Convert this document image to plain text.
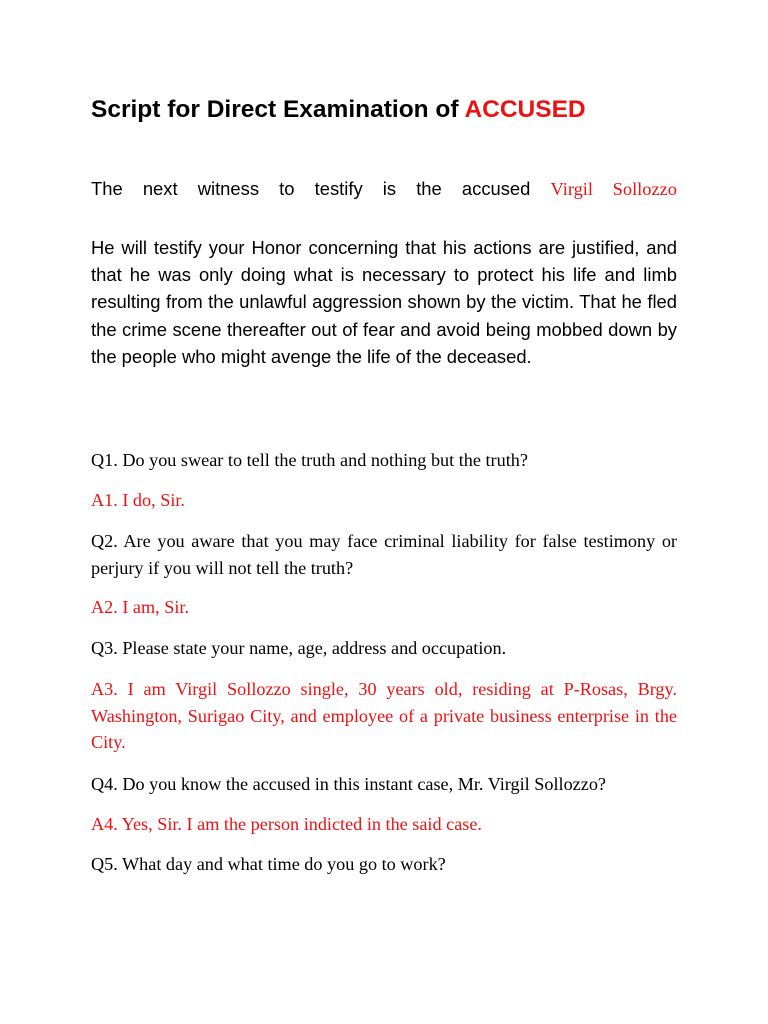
Script for Direct Examination of ACCUSED

The next witness to testify is the accused Virgil Sollozzo

He will testify your Honor concerning that his actions are justified, and that he was only doing what is necessary to protect his life and limb resulting from the unlawful aggression shown by the victim. That he fled the crime scene thereafter out of fear and avoid being mobbed down by the people who might avenge the life of the deceased.

Q1. Do you swear to tell the truth and nothing but the truth?

A1. I do, Sir.

Q2. Are you aware that you may face criminal liability for false testimony or perjury if you will not tell the truth?

A2. I am, Sir.

Q3. Please state your name, age, address and occupation.

A3. I am Virgil Sollozzo single, 30 years old, residing at P-Rosas, Brgy. Washington, Surigao City, and employee of a private business enterprise in the City.

Q4. Do you know the accused in this instant case, Mr. Virgil Sollozzo?

A4. Yes, Sir. I am the person indicted in the said case.

Q5. What day and what time do you go to work?
